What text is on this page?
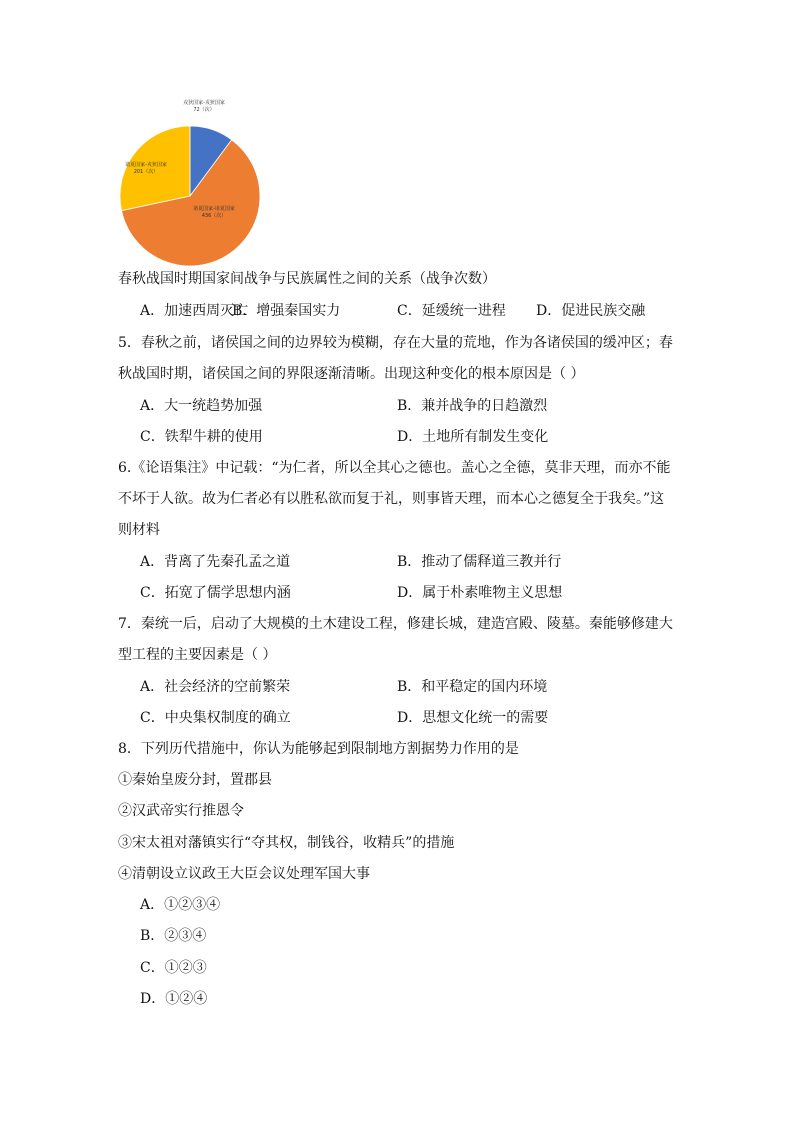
戎狄国家-戎狄国家
72（次）
诸夏国家-诸夏国家
436（次）
诸夏国家-戎狄国家
201（次）
春秋战国时期国家间战争与民族属性之间的关系（战争次数）
A．加速西周灭亡
B．增强秦国实力	C．延缓统一进程 D．促进民族交融
5．春秋之前，诸侯国之间的边界较为模糊，存在大量的荒地，作为各诸侯国的缓冲区；春
秋战国时期，诸侯国之间的界限逐渐清晰。出现这种变化的根本原因是（ ）
A．大一统趋势加强	B．兼并战争的日趋激烈
C．铁犁牛耕的使用	D．土地所有制发生变化
6.《论语集注》中记载：“为仁者，所以全其心之德也。盖心之全德，莫非天理，而亦不能
不坏于人欲。故为仁者必有以胜私欲而复于礼，则事皆天理，而本心之德复全于我矣。”这
则材料
A．背离了先秦孔孟之道	B．推动了儒释道三教并行
C．拓宽了儒学思想内涵	D．属于朴素唯物主义思想
7．秦统一后，启动了大规模的土木建设工程，修建长城，建造宫殿、陵墓。秦能够修建大
型工程的主要因素是（ ）
A．社会经济的空前繁荣	B．和平稳定的国内环境
C．中央集权制度的确立	D．思想文化统一的需要
8．下列历代措施中，你认为能够起到限制地方割据势力作用的是
①秦始皇废分封，置郡县
②汉武帝实行推恩令
③宋太祖对藩镇实行“夺其权，制钱谷，收精兵”的措施
④清朝设立议政王大臣会议处理军国大事
A．①②③④
B．②③④
C．①②③
D．①②④
